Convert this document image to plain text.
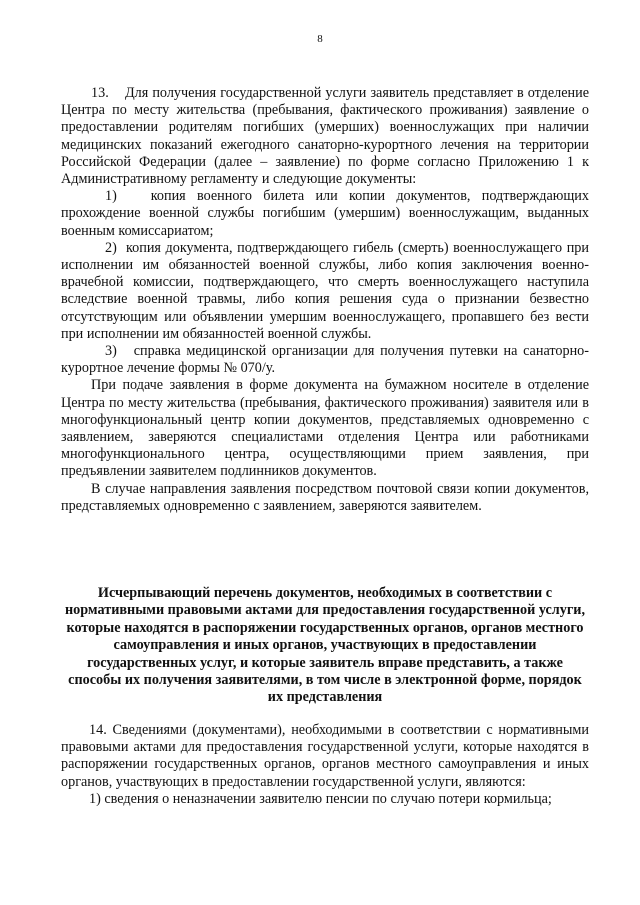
8

13.    Для получения государственной услуги заявитель представляет в отделение Центра по месту жительства (пребывания, фактического проживания) заявление о предоставлении родителям погибших (умерших) военнослужащих при наличии медицинских показаний ежегодного санаторно-курортного лечения на территории Российской Федерации (далее – заявление) по форме согласно Приложению 1 к Административному регламенту и следующие документы:

1)   копия военного билета или копии документов, подтверждающих прохождение военной службы погибшим (умершим) военнослужащим, выданных военным комиссариатом;

2)  копия документа, подтверждающего гибель (смерть) военнослужащего при исполнении им обязанностей военной службы, либо копия заключения военно-врачебной комиссии, подтверждающего, что смерть военнослужащего наступила вследствие военной травмы, либо копия решения суда о признании безвестно отсутствующим или объявлении умершим военнослужащего, пропавшего без вести при исполнении им обязанностей военной службы.

3)   справка медицинской организации для получения путевки на санаторно-курортное лечение формы № 070/у.

При подаче заявления в форме документа на бумажном носителе в отделение Центра по месту жительства (пребывания, фактического проживания) заявителя или в многофункциональный центр копии документов, представляемых одновременно с заявлением, заверяются специалистами отделения Центра или работниками многофункционального центра, осуществляющими прием заявления, при предъявлении заявителем подлинников документов.

В случае направления заявления посредством почтовой связи копии документов, представляемых одновременно с заявлением, заверяются заявителем.

Исчерпывающий перечень документов, необходимых в соответствии с нормативными правовыми актами для предоставления государственной услуги, которые находятся в распоряжении государственных органов, органов местного самоуправления и иных органов, участвующих в предоставлении государственных услуг, и которые заявитель вправе представить, а также способы их получения заявителями, в том числе в электронной форме, порядок их представления

14. Сведениями (документами), необходимыми в соответствии с нормативными правовыми актами для предоставления государственной услуги, которые находятся в распоряжении государственных органов, органов местного самоуправления и иных органов, участвующих в предоставлении государственной услуги, являются:

1) сведения о неназначении заявителю пенсии по случаю потери кормильца;
